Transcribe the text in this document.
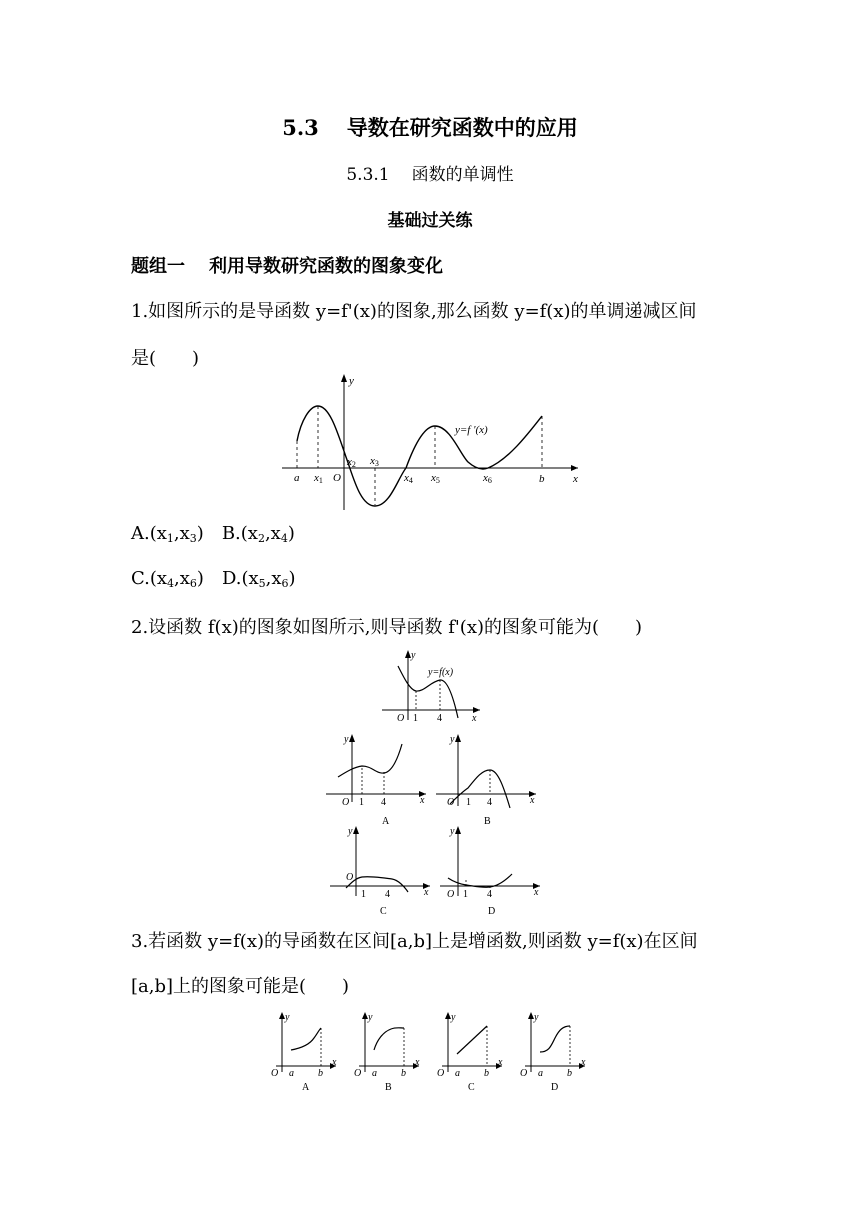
5.3 导数在研究函数中的应用
5.3.1 函数的单调性
基础过关练
题组一 利用导数研究函数的图象变化
1.如图所示的是导函数 y=f'(x)的图象,那么函数 y=f(x)的单调递减区间
是(　　)
y=f '(x)
y
x
a x1 O
x2 x3
x4 x5	x6	b
$A.(x_1,x_3)$ $B.(x_2,x_4)$
$C.(x_4,x_6)$ $D.(x_5,x_6)$
2.设函数 f(x)的图象如图所示,则导函数 f'(x)的图象可能为(　　)
y=f(x)
y
x
O 1 4
y
x
O 1 4
A
y
x
O 1 4
B
y
x
O
1 4
C
y
x
O 1 4
D
3.若函数 y=f(x)的导函数在区间[a,b]上是增函数,则函数 y=f(x)在区间
[a,b]上的图象可能是(　　)
y
x
O a b
A
y
x
O a b
B
y
x
O a b
C
y
x
O a b
D
